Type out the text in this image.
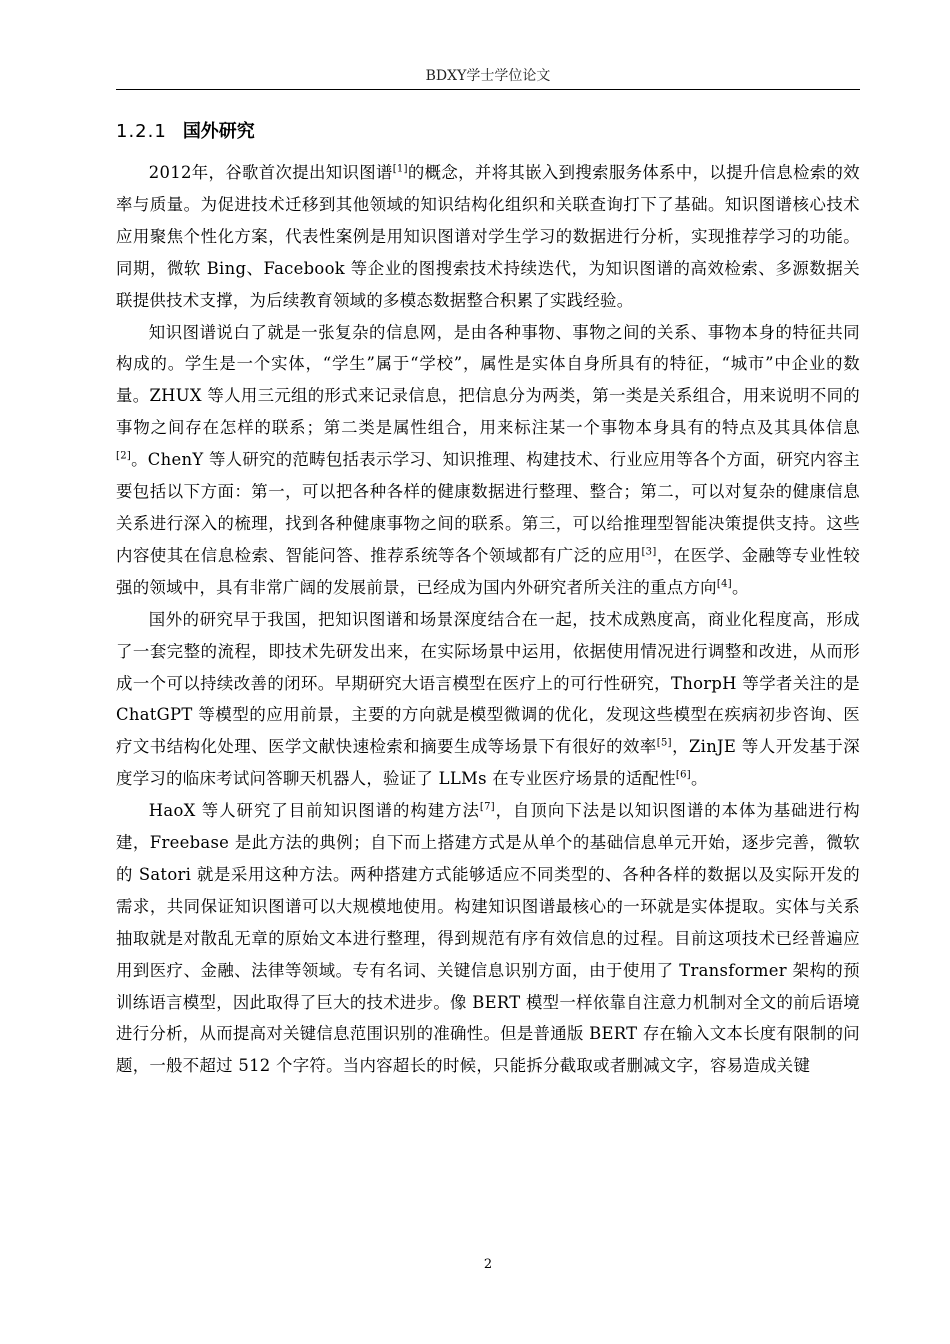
BDXY学士学位论文
1.2.1 国外研究

2012年，谷歌首次提出知识图谱[1]的概念，并将其嵌入到搜索服务体系中，以提升信息检索的效率与质量。为促进技术迁移到其他领域的知识结构化组织和关联查询打下了基础。知识图谱核心技术应用聚焦个性化方案，代表性案例是用知识图谱对学生学习的数据进行分析，实现推荐学习的功能。同期，微软 Bing、Facebook 等企业的图搜索技术持续迭代，为知识图谱的高效检索、多源数据关联提供技术支撑，为后续教育领域的多模态数据整合积累了实践经验。

知识图谱说白了就是一张复杂的信息网，是由各种事物、事物之间的关系、事物本身的特征共同构成的。学生是一个实体，“学生”属于“学校”，属性是实体自身所具有的特征，“城市”中企业的数量。ZHUX 等人用三元组的形式来记录信息，把信息分为两类，第一类是关系组合，用来说明不同的事物之间存在怎样的联系；第二类是属性组合，用来标注某一个事物本身具有的特点及其具体信息[2]。ChenY 等人研究的范畴包括表示学习、知识推理、构建技术、行业应用等各个方面，研究内容主要包括以下方面：第一，可以把各种各样的健康数据进行整理、整合；第二，可以对复杂的健康信息关系进行深入的梳理，找到各种健康事物之间的联系。第三，可以给推理型智能决策提供支持。这些内容使其在信息检索、智能问答、推荐系统等各个领域都有广泛的应用[3]，在医学、金融等专业性较强的领域中，具有非常广阔的发展前景，已经成为国内外研究者所关注的重点方向[4]。

国外的研究早于我国，把知识图谱和场景深度结合在一起，技术成熟度高，商业化程度高，形成了一套完整的流程，即技术先研发出来，在实际场景中运用，依据使用情况进行调整和改进，从而形成一个可以持续改善的闭环。早期研究大语言模型在医疗上的可行性研究，ThorpH 等学者关注的是 ChatGPT 等模型的应用前景，主要的方向就是模型微调的优化，发现这些模型在疾病初步咨询、医疗文书结构化处理、医学文献快速检索和摘要生成等场景下有很好的效率[5]，ZinJE 等人开发基于深度学习的临床考试问答聊天机器人，验证了 LLMs 在专业医疗场景的适配性[6]。

HaoX 等人研究了目前知识图谱的构建方法[7]，自顶向下法是以知识图谱的本体为基础进行构建，Freebase 是此方法的典例；自下而上搭建方式是从单个的基础信息单元开始，逐步完善，微软的 Satori 就是采用这种方法。两种搭建方式能够适应不同类型的、各种各样的数据以及实际开发的需求，共同保证知识图谱可以大规模地使用。构建知识图谱最核心的一环就是实体提取。实体与关系抽取就是对散乱无章的原始文本进行整理，得到规范有序有效信息的过程。目前这项技术已经普遍应用到医疗、金融、法律等领域。专有名词、关键信息识别方面，由于使用了 Transformer 架构的预训练语言模型，因此取得了巨大的技术进步。像 BERT 模型一样依靠自注意力机制对全文的前后语境进行分析，从而提高对关键信息范围识别的准确性。但是普通版 BERT 存在输入文本长度有限制的问题，一般不超过 512 个字符。当内容超长的时候，只能拆分截取或者删减文字，容易造成关键

2
